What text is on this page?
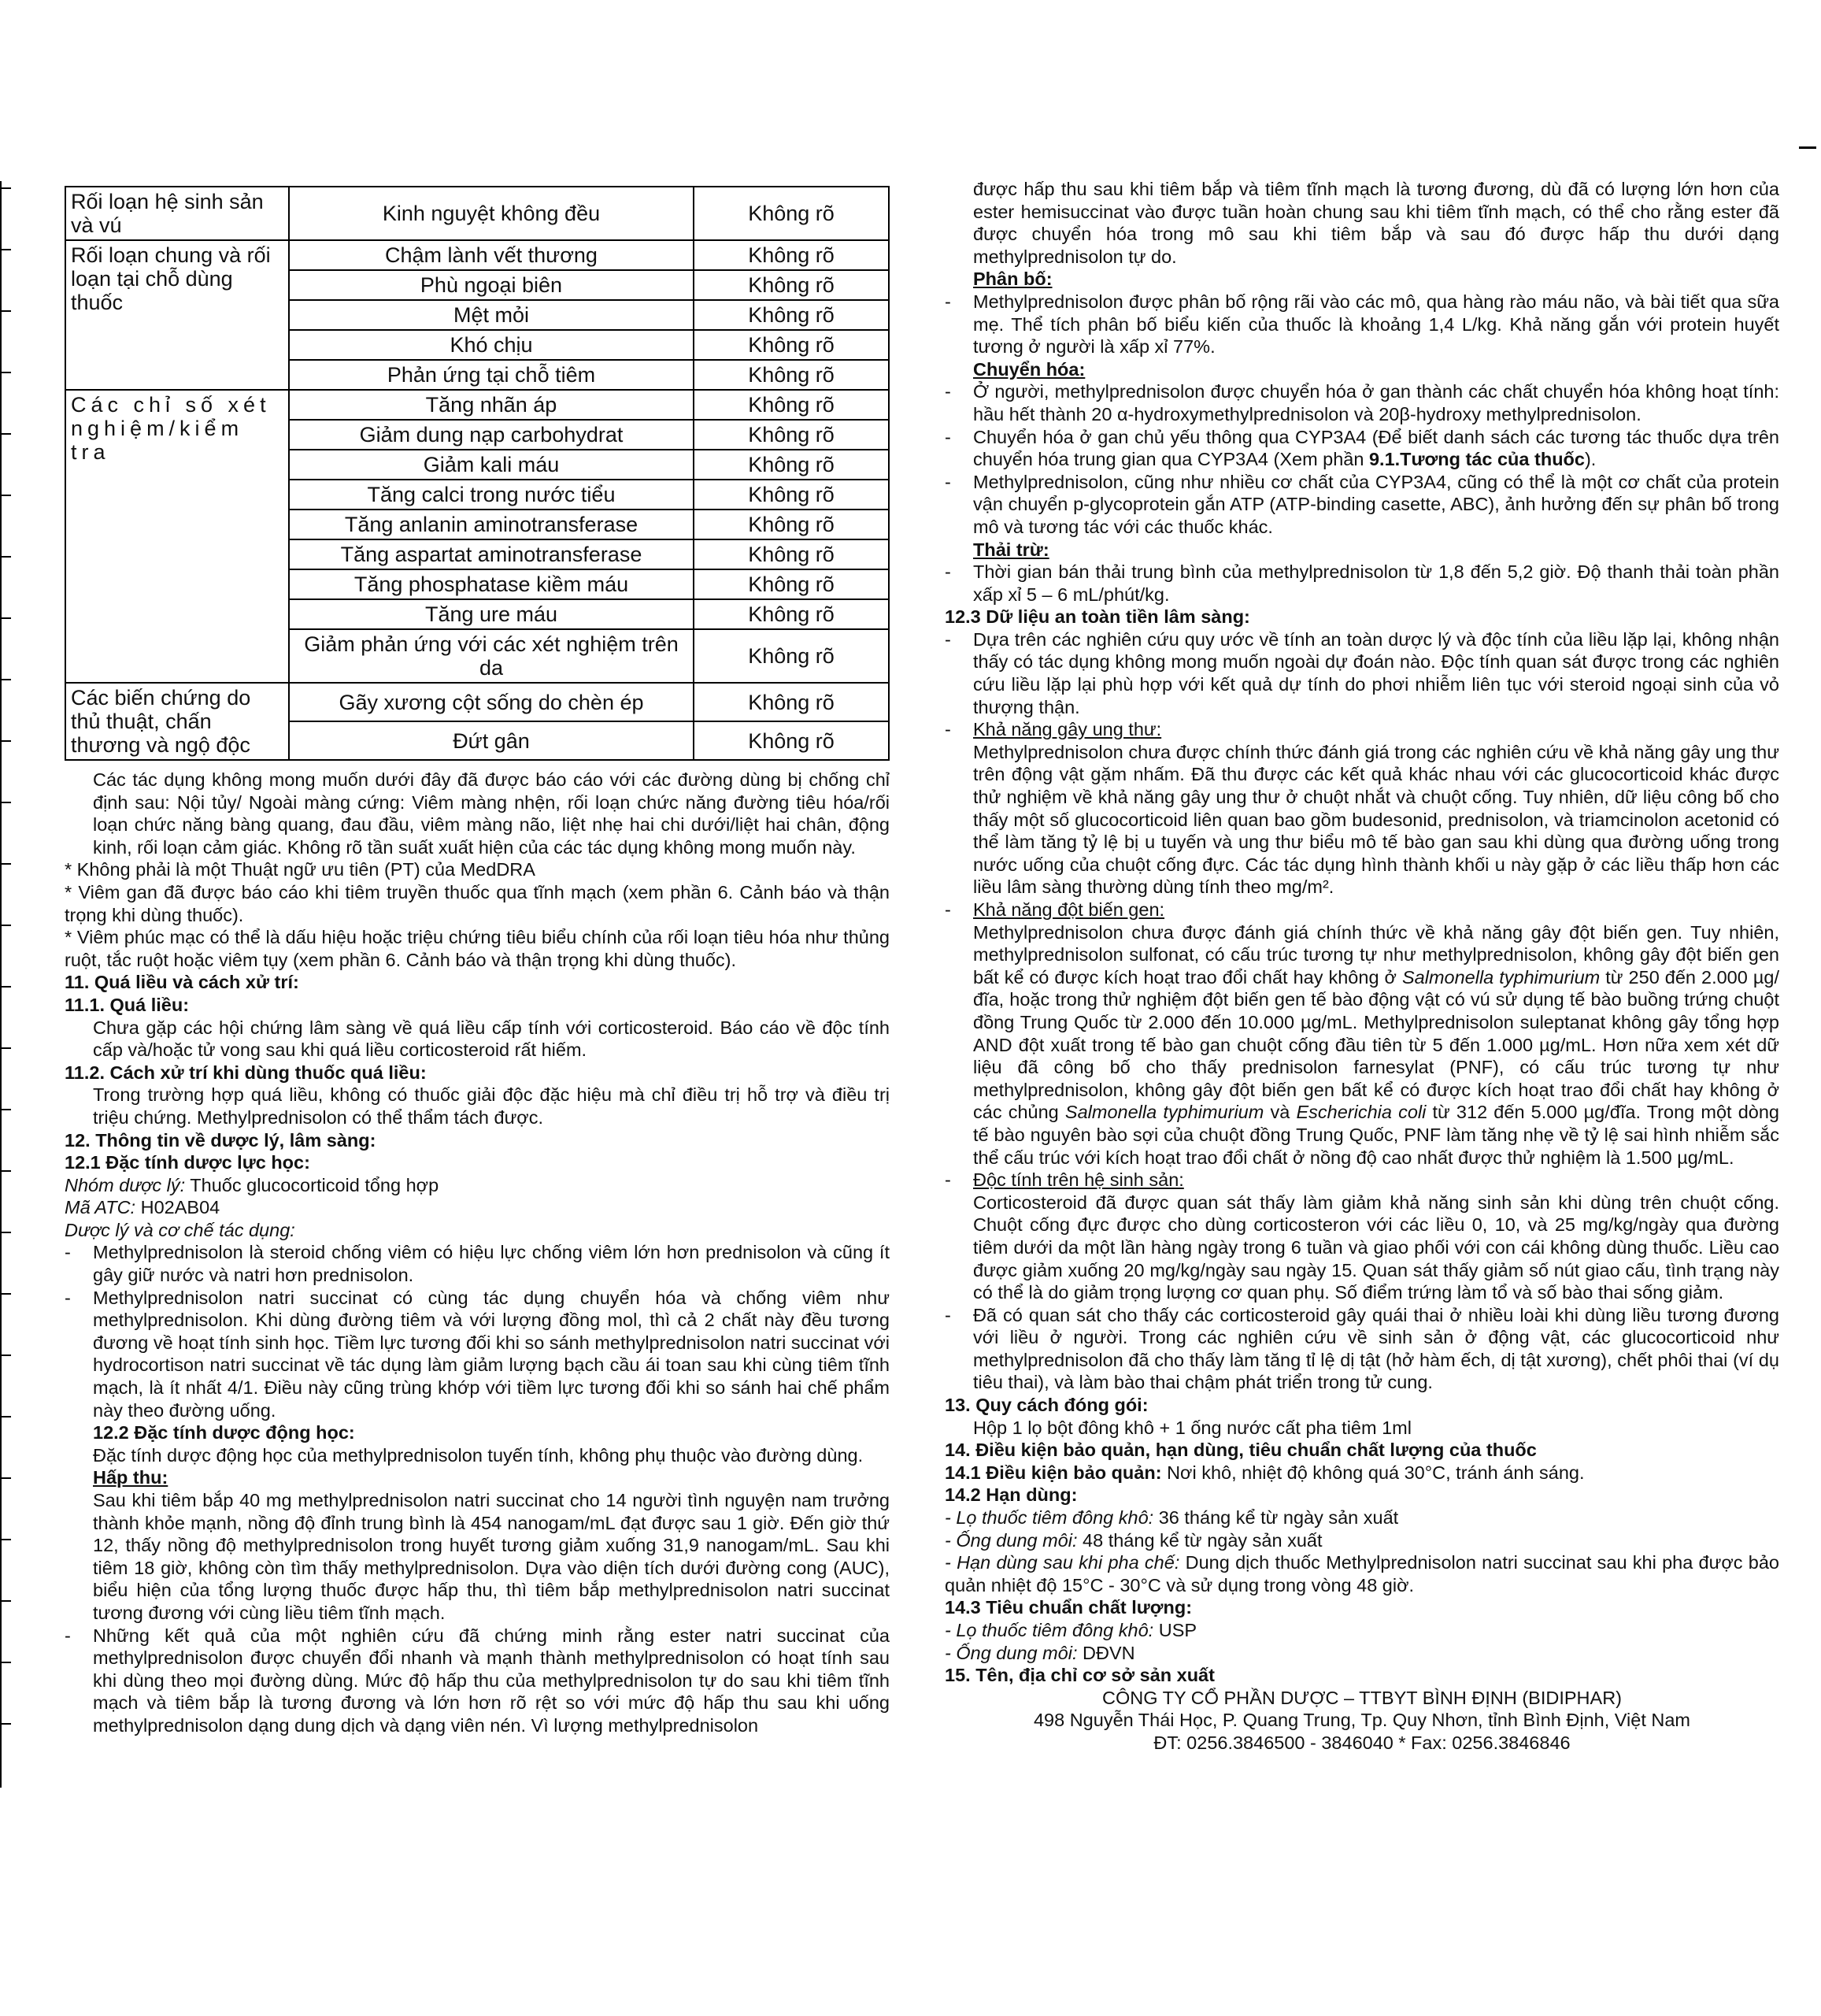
Rối loạn hệ sinh sản và vú	Kinh nguyệt không đều	Không rõ
Rối loạn chung và rối loạn tại chỗ dùng thuốc	Chậm lành vết thương	Không rõ
	Phù ngoại biên	Không rõ
	Mệt mỏi	Không rõ
	Khó chịu	Không rõ
	Phản ứng tại chỗ tiêm	Không rõ
Các chỉ số xét nghiệm/kiểm tra	Tăng nhãn áp	Không rõ
	Giảm dung nạp carbohydrat	Không rõ
	Giảm kali máu	Không rõ
	Tăng calci trong nước tiểu	Không rõ
	Tăng anlanin aminotransferase	Không rõ
	Tăng aspartat aminotransferase	Không rõ
	Tăng phosphatase kiềm máu	Không rõ
	Tăng ure máu	Không rõ
	Giảm phản ứng với các xét nghiệm trên da	Không rõ
Các biến chứng do thủ thuật, chấn thương và ngộ độc	Gãy xương cột sống do chèn ép	Không rõ
	Đứt gân	Không rõ

Các tác dụng không mong muốn dưới đây đã được báo cáo với các đường dùng bị chống chỉ định sau: Nội tủy/ Ngoài màng cứng: Viêm màng nhện, rối loạn chức năng đường tiêu hóa/rối loạn chức năng bàng quang, đau đầu, viêm màng não, liệt nhẹ hai chi dưới/liệt hai chân, động kinh, rối loạn cảm giác. Không rõ tần suất xuất hiện của các tác dụng không mong muốn này.

* Không phải là một Thuật ngữ ưu tiên (PT) của MedDRA

* Viêm gan đã được báo cáo khi tiêm truyền thuốc qua tĩnh mạch (xem phần 6. Cảnh báo và thận trọng khi dùng thuốc).

* Viêm phúc mạc có thể là dấu hiệu hoặc triệu chứng tiêu biểu chính của rối loạn tiêu hóa như thủng ruột, tắc ruột hoặc viêm tụy (xem phần 6. Cảnh báo và thận trọng khi dùng thuốc).

11. Quá liều và cách xử trí:

11.1. Quá liều:

Chưa gặp các hội chứng lâm sàng về quá liều cấp tính với corticosteroid. Báo cáo về độc tính cấp và/hoặc tử vong sau khi quá liều corticosteroid rất hiếm.

11.2. Cách xử trí khi dùng thuốc quá liều:

Trong trường hợp quá liều, không có thuốc giải độc đặc hiệu mà chỉ điều trị hỗ trợ và điều trị triệu chứng. Methylprednisolon có thể thẩm tách được.

12. Thông tin về dược lý, lâm sàng:

12.1 Đặc tính dược lực học:

Nhóm dược lý: Thuốc glucocorticoid tổng hợp

Mã ATC: H02AB04

Dược lý và cơ chế tác dụng:

- Methylprednisolon là steroid chống viêm có hiệu lực chống viêm lớn hơn prednisolon và cũng ít gây giữ nước và natri hơn prednisolon.

- Methylprednisolon natri succinat có cùng tác dụng chuyển hóa và chống viêm như methylprednisolon. Khi dùng đường tiêm và với lượng đồng mol, thì cả 2 chất này đều tương đương về hoạt tính sinh học. Tiềm lực tương đối khi so sánh methylprednisolon natri succinat với hydrocortison natri succinat về tác dụng làm giảm lượng bạch cầu ái toan sau khi cùng tiêm tĩnh mạch, là ít nhất 4/1. Điều này cũng trùng khớp với tiềm lực tương đối khi so sánh hai chế phẩm này theo đường uống.

12.2 Đặc tính dược động học:

Đặc tính dược động học của methylprednisolon tuyến tính, không phụ thuộc vào đường dùng.

Hấp thu:

Sau khi tiêm bắp 40 mg methylprednisolon natri succinat cho 14 người tình nguyện nam trưởng thành khỏe mạnh, nồng độ đỉnh trung bình là 454 nanogam/mL đạt được sau 1 giờ. Đến giờ thứ 12, thấy nồng độ methylprednisolon trong huyết tương giảm xuống 31,9 nanogam/mL. Sau khi tiêm 18 giờ, không còn tìm thấy methylprednisolon. Dựa vào diện tích dưới đường cong (AUC), biểu hiện của tổng lượng thuốc được hấp thu, thì tiêm bắp methylprednisolon natri succinat tương đương với cùng liều tiêm tĩnh mạch.

- Những kết quả của một nghiên cứu đã chứng minh rằng ester natri succinat của methylprednisolon được chuyển đổi nhanh và mạnh thành methylprednisolon có hoạt tính sau khi dùng theo mọi đường dùng. Mức độ hấp thu của methylprednisolon tự do sau khi tiêm tĩnh mạch và tiêm bắp là tương đương và lớn hơn rõ rệt so với mức độ hấp thu sau khi uống methylprednisolon dạng dung dịch và dạng viên nén. Vì lượng methylprednisolon

được hấp thu sau khi tiêm bắp và tiêm tĩnh mạch là tương đương, dù đã có lượng lớn hơn của ester hemisuccinat vào được tuần hoàn chung sau khi tiêm tĩnh mạch, có thể cho rằng ester đã được chuyển hóa trong mô sau khi tiêm bắp và sau đó được hấp thu dưới dạng methylprednisolon tự do.

Phân bố:

- Methylprednisolon được phân bố rộng rãi vào các mô, qua hàng rào máu não, và bài tiết qua sữa mẹ. Thể tích phân bố biểu kiến của thuốc là khoảng 1,4 L/kg. Khả năng gắn với protein huyết tương ở người là xấp xỉ 77%.

Chuyển hóa:

- Ở người, methylprednisolon được chuyển hóa ở gan thành các chất chuyển hóa không hoạt tính: hầu hết thành 20 α-hydroxymethylprednisolon và 20β-hydroxy methylprednisolon.

- Chuyển hóa ở gan chủ yếu thông qua CYP3A4 (Để biết danh sách các tương tác thuốc dựa trên chuyển hóa trung gian qua CYP3A4 (Xem phần 9.1.Tương tác của thuốc).

- Methylprednisolon, cũng như nhiều cơ chất của CYP3A4, cũng có thể là một cơ chất của protein vận chuyển p-glycoprotein gắn ATP (ATP-binding casette, ABC), ảnh hưởng đến sự phân bố trong mô và tương tác với các thuốc khác.

Thải trừ:

- Thời gian bán thải trung bình của methylprednisolon từ 1,8 đến 5,2 giờ. Độ thanh thải toàn phần xấp xỉ 5 – 6 mL/phút/kg.

12.3 Dữ liệu an toàn tiền lâm sàng:

- Dựa trên các nghiên cứu quy ước về tính an toàn dược lý và độc tính của liều lặp lại, không nhận thấy có tác dụng không mong muốn ngoài dự đoán nào. Độc tính quan sát được trong các nghiên cứu liều lặp lại phù hợp với kết quả dự tính do phơi nhiễm liên tục với steroid ngoại sinh của vỏ thượng thận.

- Khả năng gây ung thư:

Methylprednisolon chưa được chính thức đánh giá trong các nghiên cứu về khả năng gây ung thư trên động vật gặm nhấm. Đã thu được các kết quả khác nhau với các glucocorticoid khác được thử nghiệm về khả năng gây ung thư ở chuột nhắt và chuột cống. Tuy nhiên, dữ liệu công bố cho thấy một số glucocorticoid liên quan bao gồm budesonid, prednisolon, và triamcinolon acetonid có thể làm tăng tỷ lệ bị u tuyến và ung thư biểu mô tế bào gan sau khi dùng qua đường uống trong nước uống của chuột cống đực. Các tác dụng hình thành khối u này gặp ở các liều thấp hơn các liều lâm sàng thường dùng tính theo mg/m².

- Khả năng đột biến gen:

Methylprednisolon chưa được đánh giá chính thức về khả năng gây đột biến gen. Tuy nhiên, methylprednisolon sulfonat, có cấu trúc tương tự như methylprednisolon, không gây đột biến gen bất kể có được kích hoạt trao đổi chất hay không ở Salmonella typhimurium từ 250 đến 2.000 µg/đĩa, hoặc trong thử nghiệm đột biến gen tế bào động vật có vú sử dụng tế bào buồng trứng chuột đồng Trung Quốc từ 2.000 đến 10.000 µg/mL. Methylprednisolon suleptanat không gây tổng hợp AND đột xuất trong tế bào gan chuột cống đầu tiên từ 5 đến 1.000 µg/mL. Hơn nữa xem xét dữ liệu đã công bố cho thấy prednisolon farnesylat (PNF), có cấu trúc tương tự như methylprednisolon, không gây đột biến gen bất kể có được kích hoạt trao đổi chất hay không ở các chủng Salmonella typhimurium và Escherichia coli từ 312 đến 5.000 µg/đĩa. Trong một dòng tế bào nguyên bào sợi của chuột đồng Trung Quốc, PNF làm tăng nhẹ về tỷ lệ sai hình nhiễm sắc thể cấu trúc với kích hoạt trao đổi chất ở nồng độ cao nhất được thử nghiệm là 1.500 µg/mL.

- Độc tính trên hệ sinh sản:

Corticosteroid đã được quan sát thấy làm giảm khả năng sinh sản khi dùng trên chuột cống. Chuột cống đực được cho dùng corticosteron với các liều 0, 10, và 25 mg/kg/ngày qua đường tiêm dưới da một lần hàng ngày trong 6 tuần và giao phối với con cái không dùng thuốc. Liều cao được giảm xuống 20 mg/kg/ngày sau ngày 15. Quan sát thấy giảm số nút giao cấu, tình trạng này có thể là do giảm trọng lượng cơ quan phụ. Số điểm trứng làm tổ và số bào thai sống giảm.

- Đã có quan sát cho thấy các corticosteroid gây quái thai ở nhiều loài khi dùng liều tương đương với liều ở người. Trong các nghiên cứu về sinh sản ở động vật, các glucocorticoid như methylprednisolon đã cho thấy làm tăng tỉ lệ dị tật (hở hàm ếch, dị tật xương), chết phôi thai (ví dụ tiêu thai), và làm bào thai chậm phát triển trong tử cung.

13. Quy cách đóng gói:

Hộp 1 lọ bột đông khô + 1 ống nước cất pha tiêm 1ml

14. Điều kiện bảo quản, hạn dùng, tiêu chuẩn chất lượng của thuốc

14.1 Điều kiện bảo quản: Nơi khô, nhiệt độ không quá 30°C, tránh ánh sáng.

14.2 Hạn dùng:

- Lọ thuốc tiêm đông khô: 36 tháng kể từ ngày sản xuất

- Ống dung môi: 48 tháng kể từ ngày sản xuất

- Hạn dùng sau khi pha chế: Dung dịch thuốc Methylprednisolon natri succinat sau khi pha được bảo quản nhiệt độ 15°C - 30°C và sử dụng trong vòng 48 giờ.

14.3 Tiêu chuẩn chất lượng:

- Lọ thuốc tiêm đông khô: USP

- Ống dung môi: DĐVN

15. Tên, địa chỉ cơ sở sản xuất

CÔNG TY CỔ PHẦN DƯỢC – TTBYT BÌNH ĐỊNH (BIDIPHAR)

498 Nguyễn Thái Học, P. Quang Trung, Tp. Quy Nhơn, tỉnh Bình Định, Việt Nam

ĐT: 0256.3846500 - 3846040 * Fax: 0256.3846846
